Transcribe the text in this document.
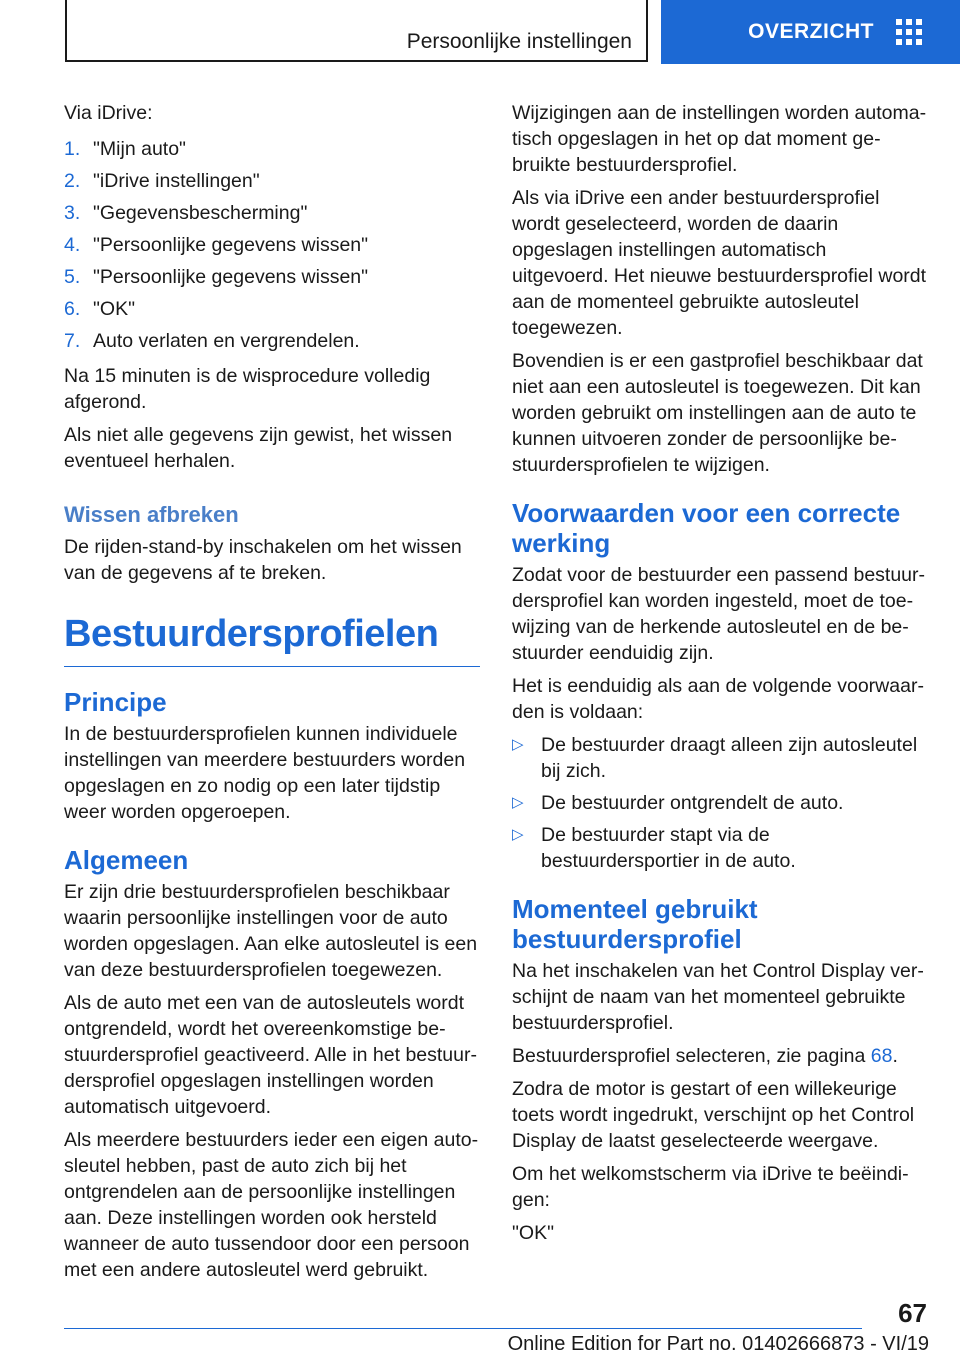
Persoonlijke instellingen	OVERZICHT

Via iDrive:

1. "Mijn auto"
2. "iDrive instellingen"
3. "Gegevensbescherming"
4. "Persoonlijke gegevens wissen"
5. "Persoonlijke gegevens wissen"
6. "OK"
7. Auto verlaten en vergrendelen.

Na 15 minuten is de wisprocedure volledig afgerond.

Als niet alle gegevens zijn gewist, het wissen eventueel herhalen.

Wissen afbreken

De rijden-stand-by inschakelen om het wissen van de gegevens af te breken.

Bestuurdersprofielen
Principe

In de bestuurdersprofielen kunnen individuele instellingen van meerdere bestuurders worden opgeslagen en zo nodig op een later tijdstip weer worden opgeroepen.

Algemeen

Er zijn drie bestuurdersprofielen beschikbaar waarin persoonlijke instellingen voor de auto worden opgeslagen. Aan elke autosleutel is een van deze bestuurdersprofielen toegewezen.

Als de auto met een van de autosleutels wordt ontgrendeld, wordt het overeenkomstige bestuurdersprofiel geactiveerd. Alle in het bestuurdersprofiel opgeslagen instellingen worden automatisch uitgevoerd.

Als meerdere bestuurders ieder een eigen autosleutel hebben, past de auto zich bij het ontgrendelen aan de persoonlijke instellingen aan. Deze instellingen worden ook hersteld wanneer de auto tussendoor door een persoon met een andere autosleutel werd gebruikt.

Wijzigingen aan de instellingen worden automatisch opgeslagen in het op dat moment gebruikte bestuurdersprofiel.

Als via iDrive een ander bestuurdersprofiel wordt geselecteerd, worden de daarin opgeslagen instellingen automatisch uitgevoerd. Het nieuwe bestuurdersprofiel wordt aan de momenteel gebruikte autosleutel toegewezen.

Bovendien is er een gastprofiel beschikbaar dat niet aan een autosleutel is toegewezen. Dit kan worden gebruikt om instellingen aan de auto te kunnen uitvoeren zonder de persoonlijke bestuurdersprofielen te wijzigen.

Voorwaarden voor een correcte werking

Zodat voor de bestuurder een passend bestuurdersprofiel kan worden ingesteld, moet de toewijzing van de herkende autosleutel en de bestuurder eenduidig zijn.

Het is eenduidig als aan de volgende voorwaarden is voldaan:

▷ De bestuurder draagt alleen zijn autosleutel bij zich.
▷ De bestuurder ontgrendelt de auto.
▷ De bestuurder stapt via de bestuurdersportier in de auto.
Momenteel gebruikt bestuurdersprofiel

Na het inschakelen van het Control Display verschijnt de naam van het momenteel gebruikte bestuurdersprofiel.

Bestuurdersprofiel selecteren, zie pagina 68.

Zodra de motor is gestart of een willekeurige toets wordt ingedrukt, verschijnt op het Control Display de laatst geselecteerde weergave.

Om het welkomstscherm via iDrive te beëindigen:

"OK"

67
Online Edition for Part no. 01402666873 - VI/19
